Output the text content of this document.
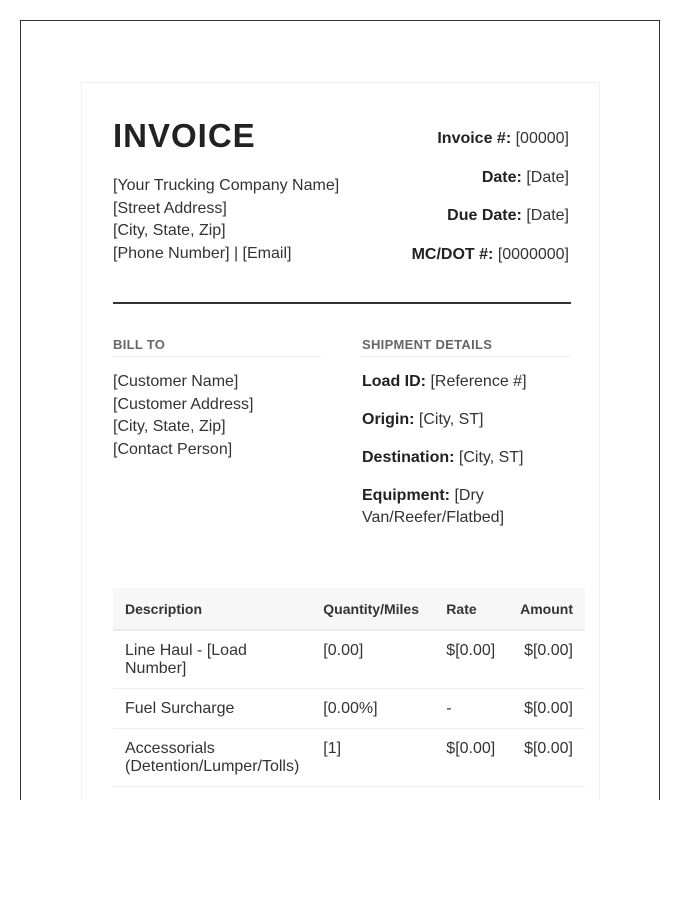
INVOICE
[Your Trucking Company Name]
[Street Address]
[City, State, Zip]
[Phone Number] | [Email]
Invoice #: [00000]
Date: [Date]
Due Date: [Date]
MC/DOT #: [0000000]
BILL TO	SHIPMENT DETAILS
[Customer Name]
[Customer Address]
[City, State, Zip]
[Contact Person]
Load ID: [Reference #]
Origin: [City, ST]
Destination: [City, ST]
Equipment: [Dry Van/Reefer/Flatbed]
Description	Quantity/Miles	Rate	Amount
Line Haul - [Load Number]	[0.00]	$[0.00]	$[0.00]
Fuel Surcharge	[0.00%]	-	$[0.00]
Accessorials (Detention/Lumper/Tolls)	[1]	$[0.00]	$[0.00]
